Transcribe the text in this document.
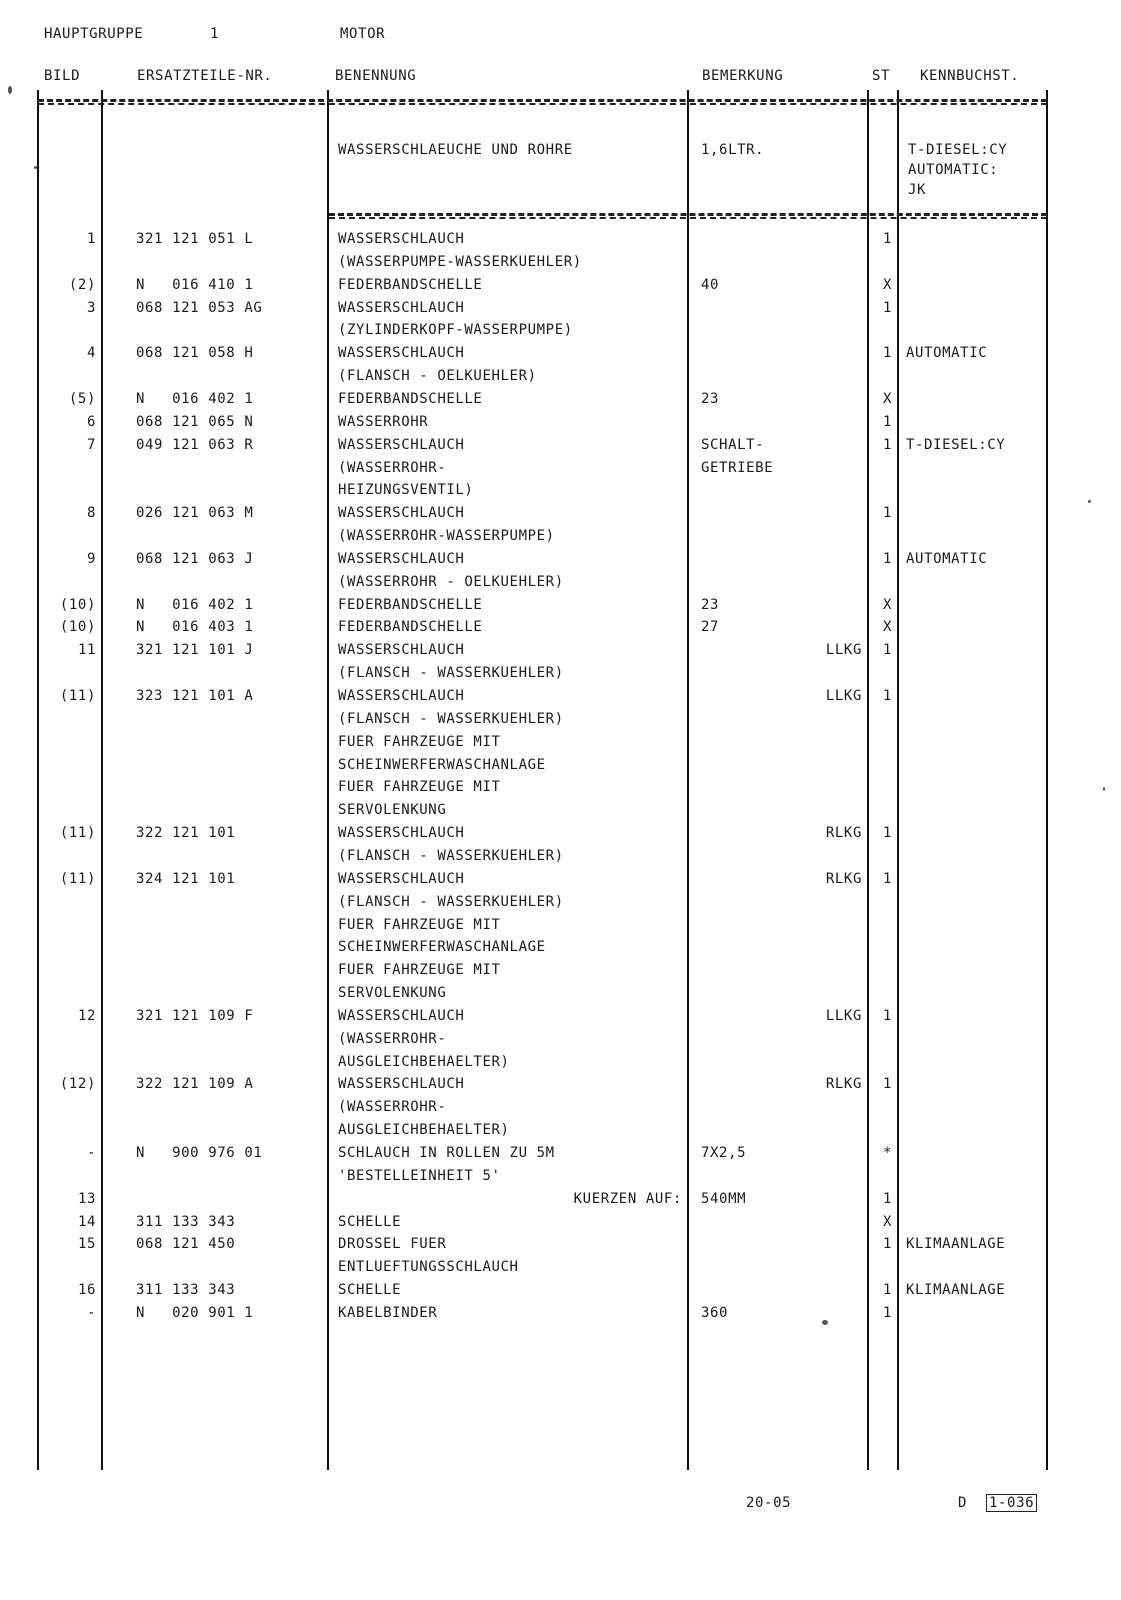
HAUPTGRUPPE	1	MOTOR
BILD	ERSATZTEILE-NR.	BENENNUNG	BEMERKUNG	ST KENNBUCHST.
WASSERSCHLAEUCHE UND ROHRE	1,6LTR.	T-DIESEL:CY
AUTOMATIC:
JK
1	321 121 051 L	WASSERSCHLAUCH	1
(WASSERPUMPE-WASSERKUEHLER)
(2)	N   016 410 1	FEDERBANDSCHELLE	40	X
3	068 121 053 AG	WASSERSCHLAUCH	1
(ZYLINDERKOPF-WASSERPUMPE)
4	068 121 058 H	WASSERSCHLAUCH	1 AUTOMATIC
(FLANSCH - OELKUEHLER)
(5)	N   016 402 1	FEDERBANDSCHELLE	23	X
6	068 121 065 N	WASSERROHR	1
7	049 121 063 R	WASSERSCHLAUCH	SCHALT-	1 T-DIESEL:CY
(WASSERROHR-	GETRIEBE
HEIZUNGSVENTIL)
8	026 121 063 M	WASSERSCHLAUCH	1
(WASSERROHR-WASSERPUMPE)
9	068 121 063 J	WASSERSCHLAUCH	1 AUTOMATIC
(WASSERROHR - OELKUEHLER)
(10)	N   016 402 1	FEDERBANDSCHELLE	23	X
(10)	N   016 403 1	FEDERBANDSCHELLE	27	X
11	321 121 101 J	WASSERSCHLAUCH	LLKG	1
(FLANSCH - WASSERKUEHLER)
(11)	323 121 101 A	WASSERSCHLAUCH	LLKG	1
(FLANSCH - WASSERKUEHLER)
FUER FAHRZEUGE MIT
SCHEINWERFERWASCHANLAGE
FUER FAHRZEUGE MIT
SERVOLENKUNG
(11)	322 121 101	WASSERSCHLAUCH	RLKG	1
(FLANSCH - WASSERKUEHLER)
(11)	324 121 101	WASSERSCHLAUCH	RLKG	1
(FLANSCH - WASSERKUEHLER)
FUER FAHRZEUGE MIT
SCHEINWERFERWASCHANLAGE
FUER FAHRZEUGE MIT
SERVOLENKUNG
12	321 121 109 F	WASSERSCHLAUCH	LLKG	1
(WASSERROHR-
AUSGLEICHBEHAELTER)
(12)	322 121 109 A	WASSERSCHLAUCH	RLKG	1
(WASSERROHR-
AUSGLEICHBEHAELTER)
-	N   900 976 01	SCHLAUCH IN ROLLEN ZU 5M	7X2,5	*
'BESTELLEINHEIT 5'
13	KUERZEN AUF: 540MM	1
14	311 133 343	SCHELLE	X
15	068 121 450	DROSSEL FUER	1 KLIMAANLAGE
ENTLUEFTUNGSSCHLAUCH
16	311 133 343	SCHELLE	1 KLIMAANLAGE
-	N   020 901 1	KABELBINDER	360	1
20-05	D 1-036
